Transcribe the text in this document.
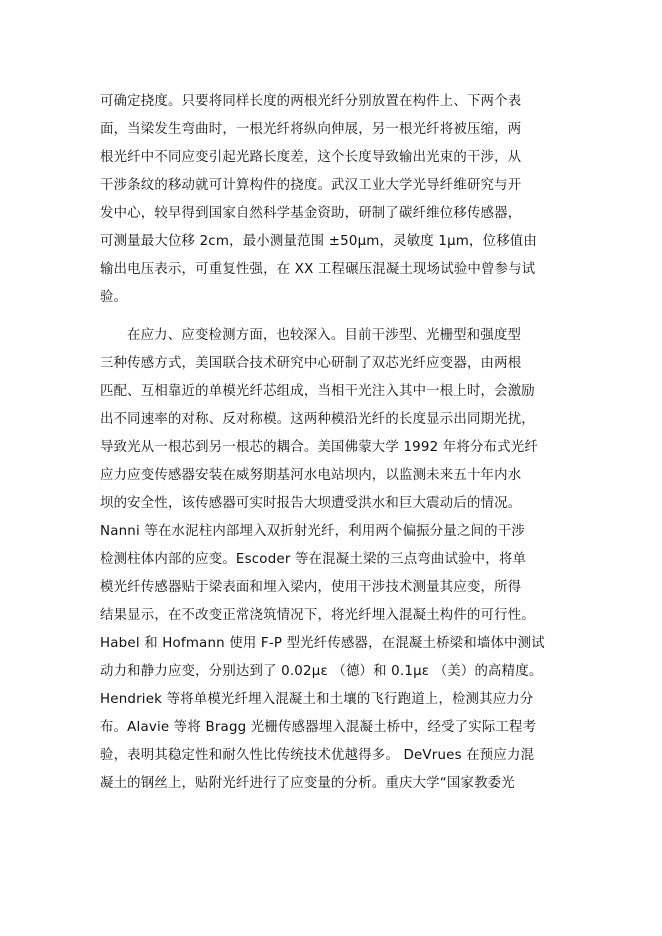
可确定挠度。只要将同样长度的两根光纤分别放置在构件上、下两个表
面，当梁发生弯曲时，一根光纤将纵向伸展，另一根光纤将被压缩，两
根光纤中不同应变引起光路长度差，这个长度导致输出光束的干涉，从
干涉条纹的移动就可计算构件的挠度。武汉工业大学光导纤维研究与开
发中心，较早得到国家自然科学基金资助，研制了碳纤维位移传感器，
可测量最大位移 2cm，最小测量范围 ±50μm，灵敏度 1μm，位移值由
输出电压表示，可重复性强，在 XX 工程碾压混凝土现场试验中曾参与试
验。
在应力、应变检测方面，也较深入。目前干涉型、光栅型和强度型
三种传感方式，美国联合技术研究中心研制了双芯光纤应变器，由两根
匹配、互相靠近的单模光纤芯组成，当相干光注入其中一根上时，会激励
出不同速率的对称、反对称模。这两种模沿光纤的长度显示出同期光扰，
导致光从一根芯到另一根芯的耦合。美国佛蒙大学 1992 年将分布式光纤
应力应变传感器安装在威努期基河水电站坝内，以监测未来五十年内水
坝的安全性，该传感器可实时报告大坝遭受洪水和巨大震动后的情况。
Nanni 等在水泥柱内部埋入双折射光纤，利用两个偏振分量之间的干涉
检测柱体内部的应变。Escoder 等在混凝土梁的三点弯曲试验中，将单
模光纤传感器贴于梁表面和埋入梁内，使用干涉技术测量其应变，所得
结果显示，在不改变正常浇筑情况下，将光纤埋入混凝土构件的可行性。
Habel 和 Hofmann 使用 F-P 型光纤传感器，在混凝土桥梁和墙体中测试
动力和静力应变，分别达到了 0.02με （德）和 0.1με （美）的高精度。
Hendriek 等将单模光纤埋入混凝土和土壤的飞行跑道上，检测其应力分
布。Alavie 等将 Bragg 光栅传感器埋入混凝土桥中，经受了实际工程考
验，表明其稳定性和耐久性比传统技术优越得多。 DeVrues 在预应力混
凝土的钢丝上，贴附光纤进行了应变量的分析。重庆大学“国家教委光
